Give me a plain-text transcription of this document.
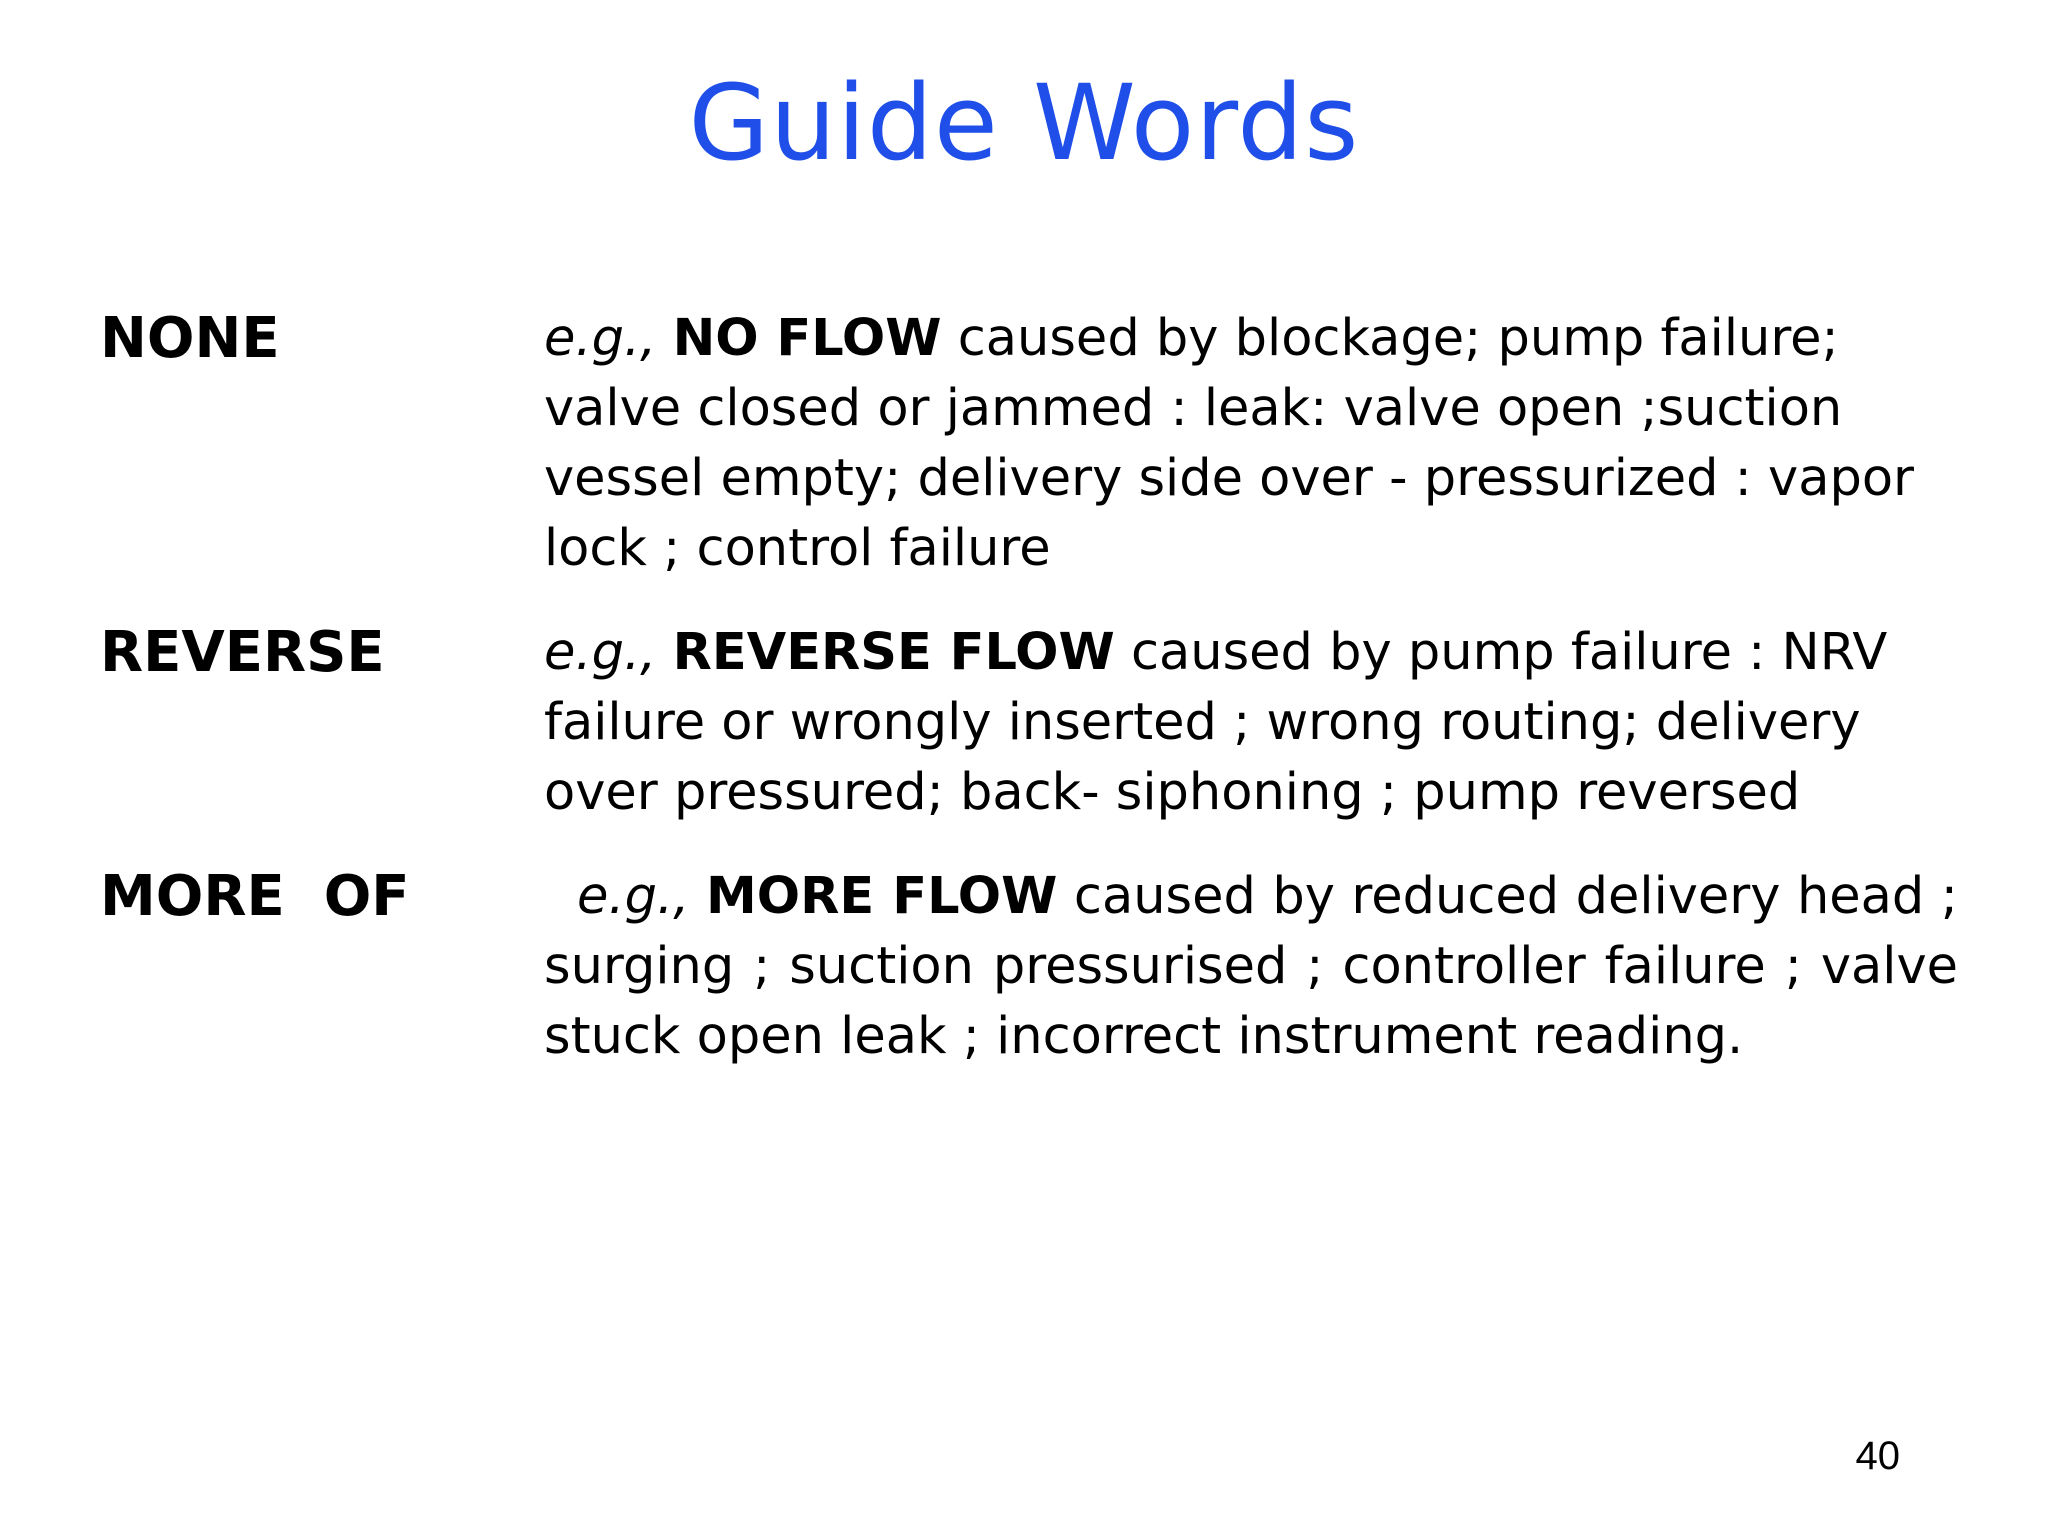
Guide Words
NONE	e.g., NO FLOW caused by blockage; pump failure; valve closed or jammed : leak: valve open ;suction vessel empty; delivery side over - pressurized : vapor lock ; control failure
REVERSE	e.g., REVERSE FLOW caused by pump failure : NRV failure or wrongly inserted ; wrong routing; delivery over pressured; back- siphoning ; pump reversed
MORE  OF	e.g., MORE FLOW caused by reduced delivery head ; surging ; suction pressurised ; controller failure ; valve stuck open leak ; incorrect instrument reading.
40
